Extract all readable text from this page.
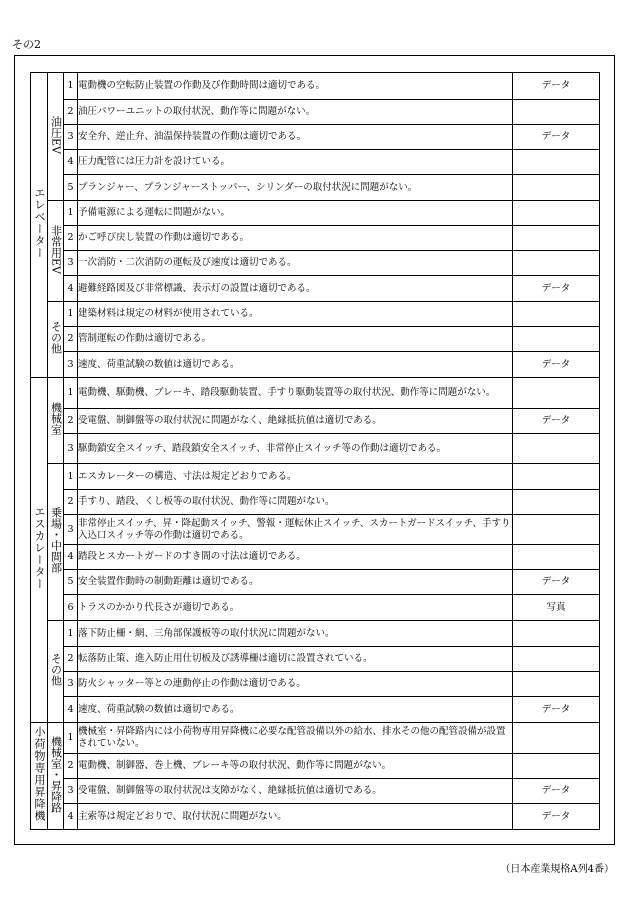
その2
エレベーター	油圧EV	1	電動機の空転防止装置の作動及び作動時間は適切である。	データ
		2	油圧パワーユニットの取付状況、動作等に問題がない。	
		3	安全弁、逆止弁、油温保持装置の作動は適切である。	データ
		4	圧力配管には圧力計を設けている。	
		5	プランジャー、プランジャーストッパー、シリンダーの取付状況に問題がない。	
	非常用EV	1	予備電源による運転に問題がない。	
		2	かご呼び戻し装置の作動は適切である。	
		3	一次消防・二次消防の運転及び速度は適切である。	
		4	避難経路図及び非常標識、表示灯の設置は適切である。	データ
	その他	1	建築材料は規定の材料が使用されている。	
		2	管制運転の作動は適切である。	
		3	速度、荷重試験の数値は適切である。	データ
エスカレーター	機械室	1	電動機、駆動機、ブレーキ、踏段駆動装置、手すり駆動装置等の取付状況、動作等に問題がない。	
		2	受電盤、制御盤等の取付状況に問題がなく、絶縁抵抗値は適切である。	データ
		3	駆動鎖安全スイッチ、踏段鎖安全スイッチ、非常停止スイッチ等の作動は適切である。	
	乗場・中間部	1	エスカレーターの構造、寸法は規定どおりである。	
		2	手すり、踏段、くし板等の取付状況、動作等に問題がない。	
		3	非常停止スイッチ、昇・降起動スイッチ、警報・運転休止スイッチ、スカートガードスイッチ、手すり入込口スイッチ等の作動は適切である。	
		4	踏段とスカートガードのすき間の寸法は適切である。	
		5	安全装置作動時の制動距離は適切である。	データ
		6	トラスのかかり代長さが適切である。	写真
	その他	1	落下防止柵・網、三角部保護板等の取付状況に問題がない。	
		2	転落防止策、進入防止用仕切板及び誘導柵は適切に設置されている。	
		3	防火シャッター等との連動停止の作動は適切である。	
		4	速度、荷重試験の数値は適切である。	データ
小荷物専用昇降機	機械室・昇降路	1	機械室・昇降路内には小荷物専用昇降機に必要な配管設備以外の給水、排水その他の配管設備が設置されていない。	
		2	電動機、制御器、巻上機、ブレーキ等の取付状況、動作等に問題がない。	
		3	受電盤、制御盤等の取付状況は支障がなく、絶縁抵抗値は適切である。	データ
		4	主索等は規定どおりで、取付状況に問題がない。	データ
（日本産業規格A列4番）
